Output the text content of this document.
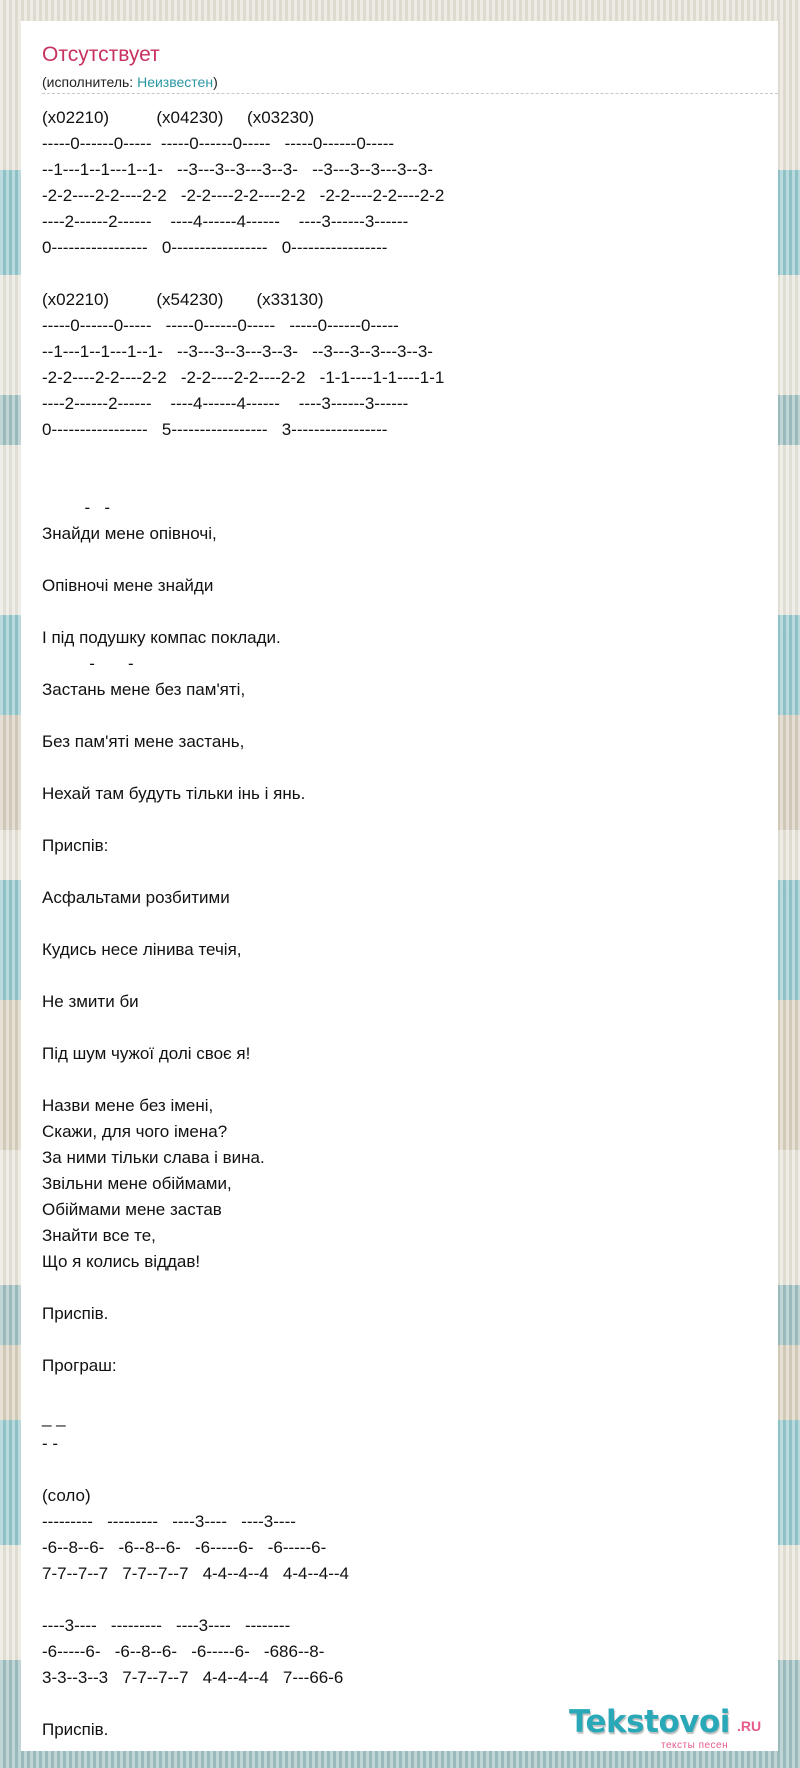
Отсутствует
(исполнитель: Неизвестен)
(x02210)          (x04230)     (x03230)
-----0------0-----  -----0------0-----   -----0------0-----
--1---1--1---1--1-   --3---3--3---3--3-   --3---3--3---3--3-
-2-2----2-2----2-2   -2-2----2-2----2-2   -2-2----2-2----2-2
----2------2------    ----4------4------    ----3------3------
0-----------------   0-----------------   0-----------------
(x02210)          (x54230)       (x33130)
-----0------0-----   -----0------0-----   -----0------0-----
--1---1--1---1--1-   --3---3--3---3--3-   --3---3--3---3--3-
-2-2----2-2----2-2   -2-2----2-2----2-2   -1-1----1-1----1-1
----2------2------    ----4------4------    ----3------3------
0-----------------   5-----------------   3-----------------
-   -
Знайди мене опівночі,
Опівночі мене знайди
І під подушку компас поклади.
-       -
Застань мене без пам'яті,
Без пам'яті мене застань,
Нехай там будуть тільки інь і янь.
Приспів:
Асфальтами розбитими
Кудись несе лінива течія,
Не змити би
Під шум чужої долі своє я!
Назви мене без імені,
Скажи, для чого імена?
За ними тільки слава і вина.
Звільни мене обіймами,
Обіймами мене застав
Знайти все те,
Що я колись віддав!
Приспів.
Програш:
_ _
- -
(соло)
---------   ---------   ----3----   ----3----
-6--8--6-   -6--8--6-   -6-----6-   -6-----6-
7-7--7--7   7-7--7--7   4-4--4--4   4-4--4--4
----3----   ---------   ----3----   --------
-6-----6-   -6--8--6-   -6-----6-   -686--8-
3-3--3--3   7-7--7--7   4-4--4--4   7---66-6
Приспів.	Tekstovoi .RU
тексты песен
